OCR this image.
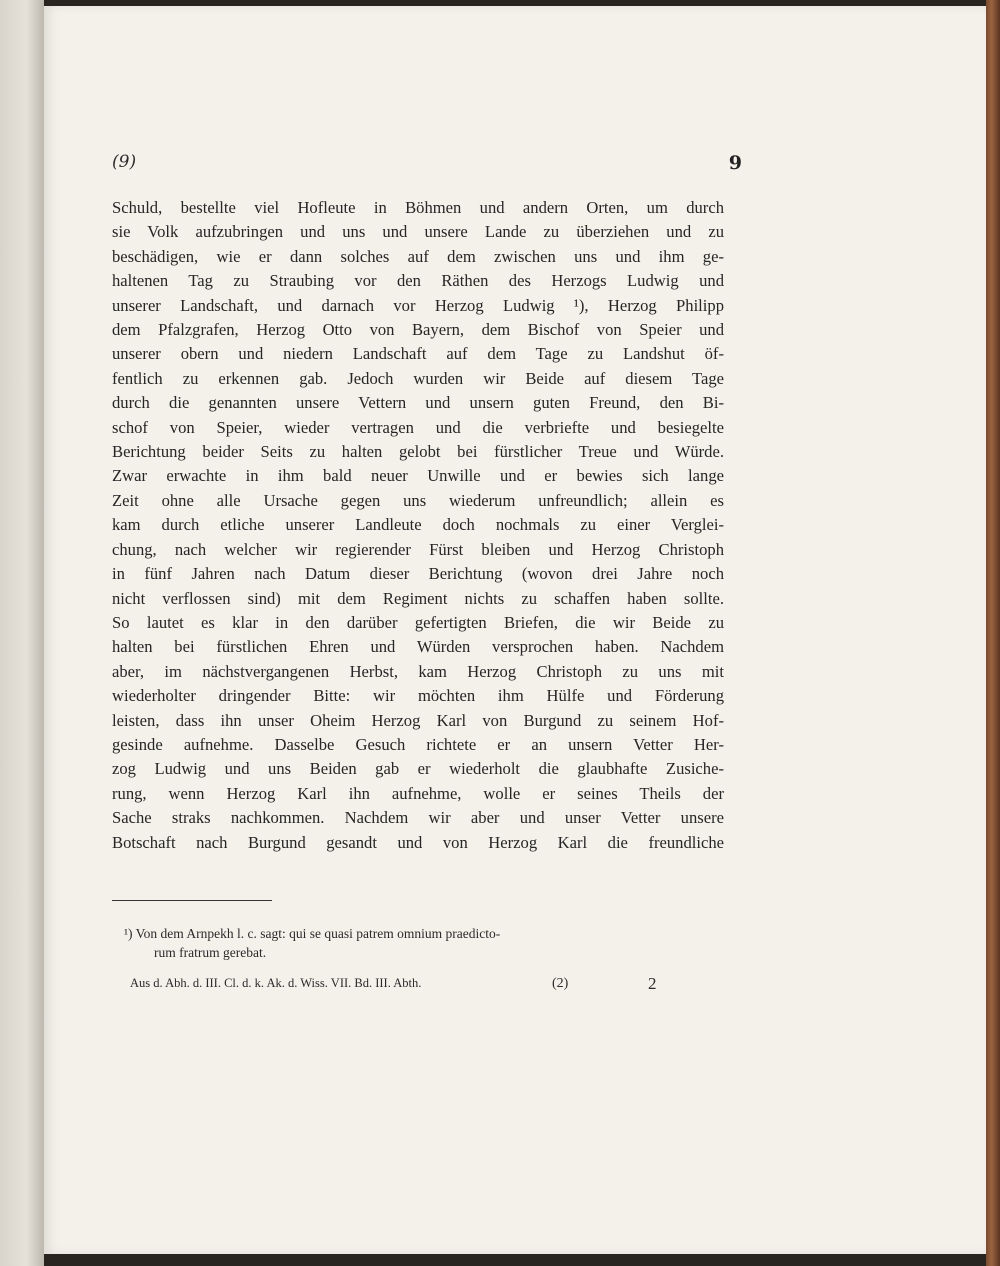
(9)	9
Schuld, bestellte viel Hofleute in Böhmen und andern Orten, um durch
sie Volk aufzubringen und uns und unsere Lande zu überziehen und zu
beschädigen, wie er dann solches auf dem zwischen uns und ihm ge-
haltenen Tag zu Straubing vor den Räthen des Herzogs Ludwig und
unserer Landschaft, und darnach vor Herzog Ludwig ¹), Herzog Philipp
dem Pfalzgrafen, Herzog Otto von Bayern, dem Bischof von Speier und
unserer obern und niedern Landschaft auf dem Tage zu Landshut öf-
fentlich zu erkennen gab. Jedoch wurden wir Beide auf diesem Tage
durch die genannten unsere Vettern und unsern guten Freund, den Bi-
schof von Speier, wieder vertragen und die verbriefte und besiegelte
Berichtung beider Seits zu halten gelobt bei fürstlicher Treue und Würde.
Zwar erwachte in ihm bald neuer Unwille und er bewies sich lange
Zeit ohne alle Ursache gegen uns wiederum unfreundlich; allein es
kam durch etliche unserer Landleute doch nochmals zu einer Verglei-
chung, nach welcher wir regierender Fürst bleiben und Herzog Christoph
in fünf Jahren nach Datum dieser Berichtung (wovon drei Jahre noch
nicht verflossen sind) mit dem Regiment nichts zu schaffen haben sollte.
So lautet es klar in den darüber gefertigten Briefen, die wir Beide zu
halten bei fürstlichen Ehren und Würden versprochen haben. Nachdem
aber, im nächstvergangenen Herbst, kam Herzog Christoph zu uns mit
wiederholter dringender Bitte: wir möchten ihm Hülfe und Förderung
leisten, dass ihn unser Oheim Herzog Karl von Burgund zu seinem Hof-
gesinde aufnehme. Dasselbe Gesuch richtete er an unsern Vetter Her-
zog Ludwig und uns Beiden gab er wiederholt die glaubhafte Zusiche-
rung, wenn Herzog Karl ihn aufnehme, wolle er seines Theils der
Sache straks nachkommen. Nachdem wir aber und unser Vetter unsere
Botschaft nach Burgund gesandt und von Herzog Karl die freundliche
¹) Von dem Arnpekh l. c. sagt: qui se quasi patrem omnium praedicto-
rum fratrum gerebat.
Aus d. Abh. d. III. Cl. d. k. Ak. d. Wiss. VII. Bd. III. Abth.	(2)	2
